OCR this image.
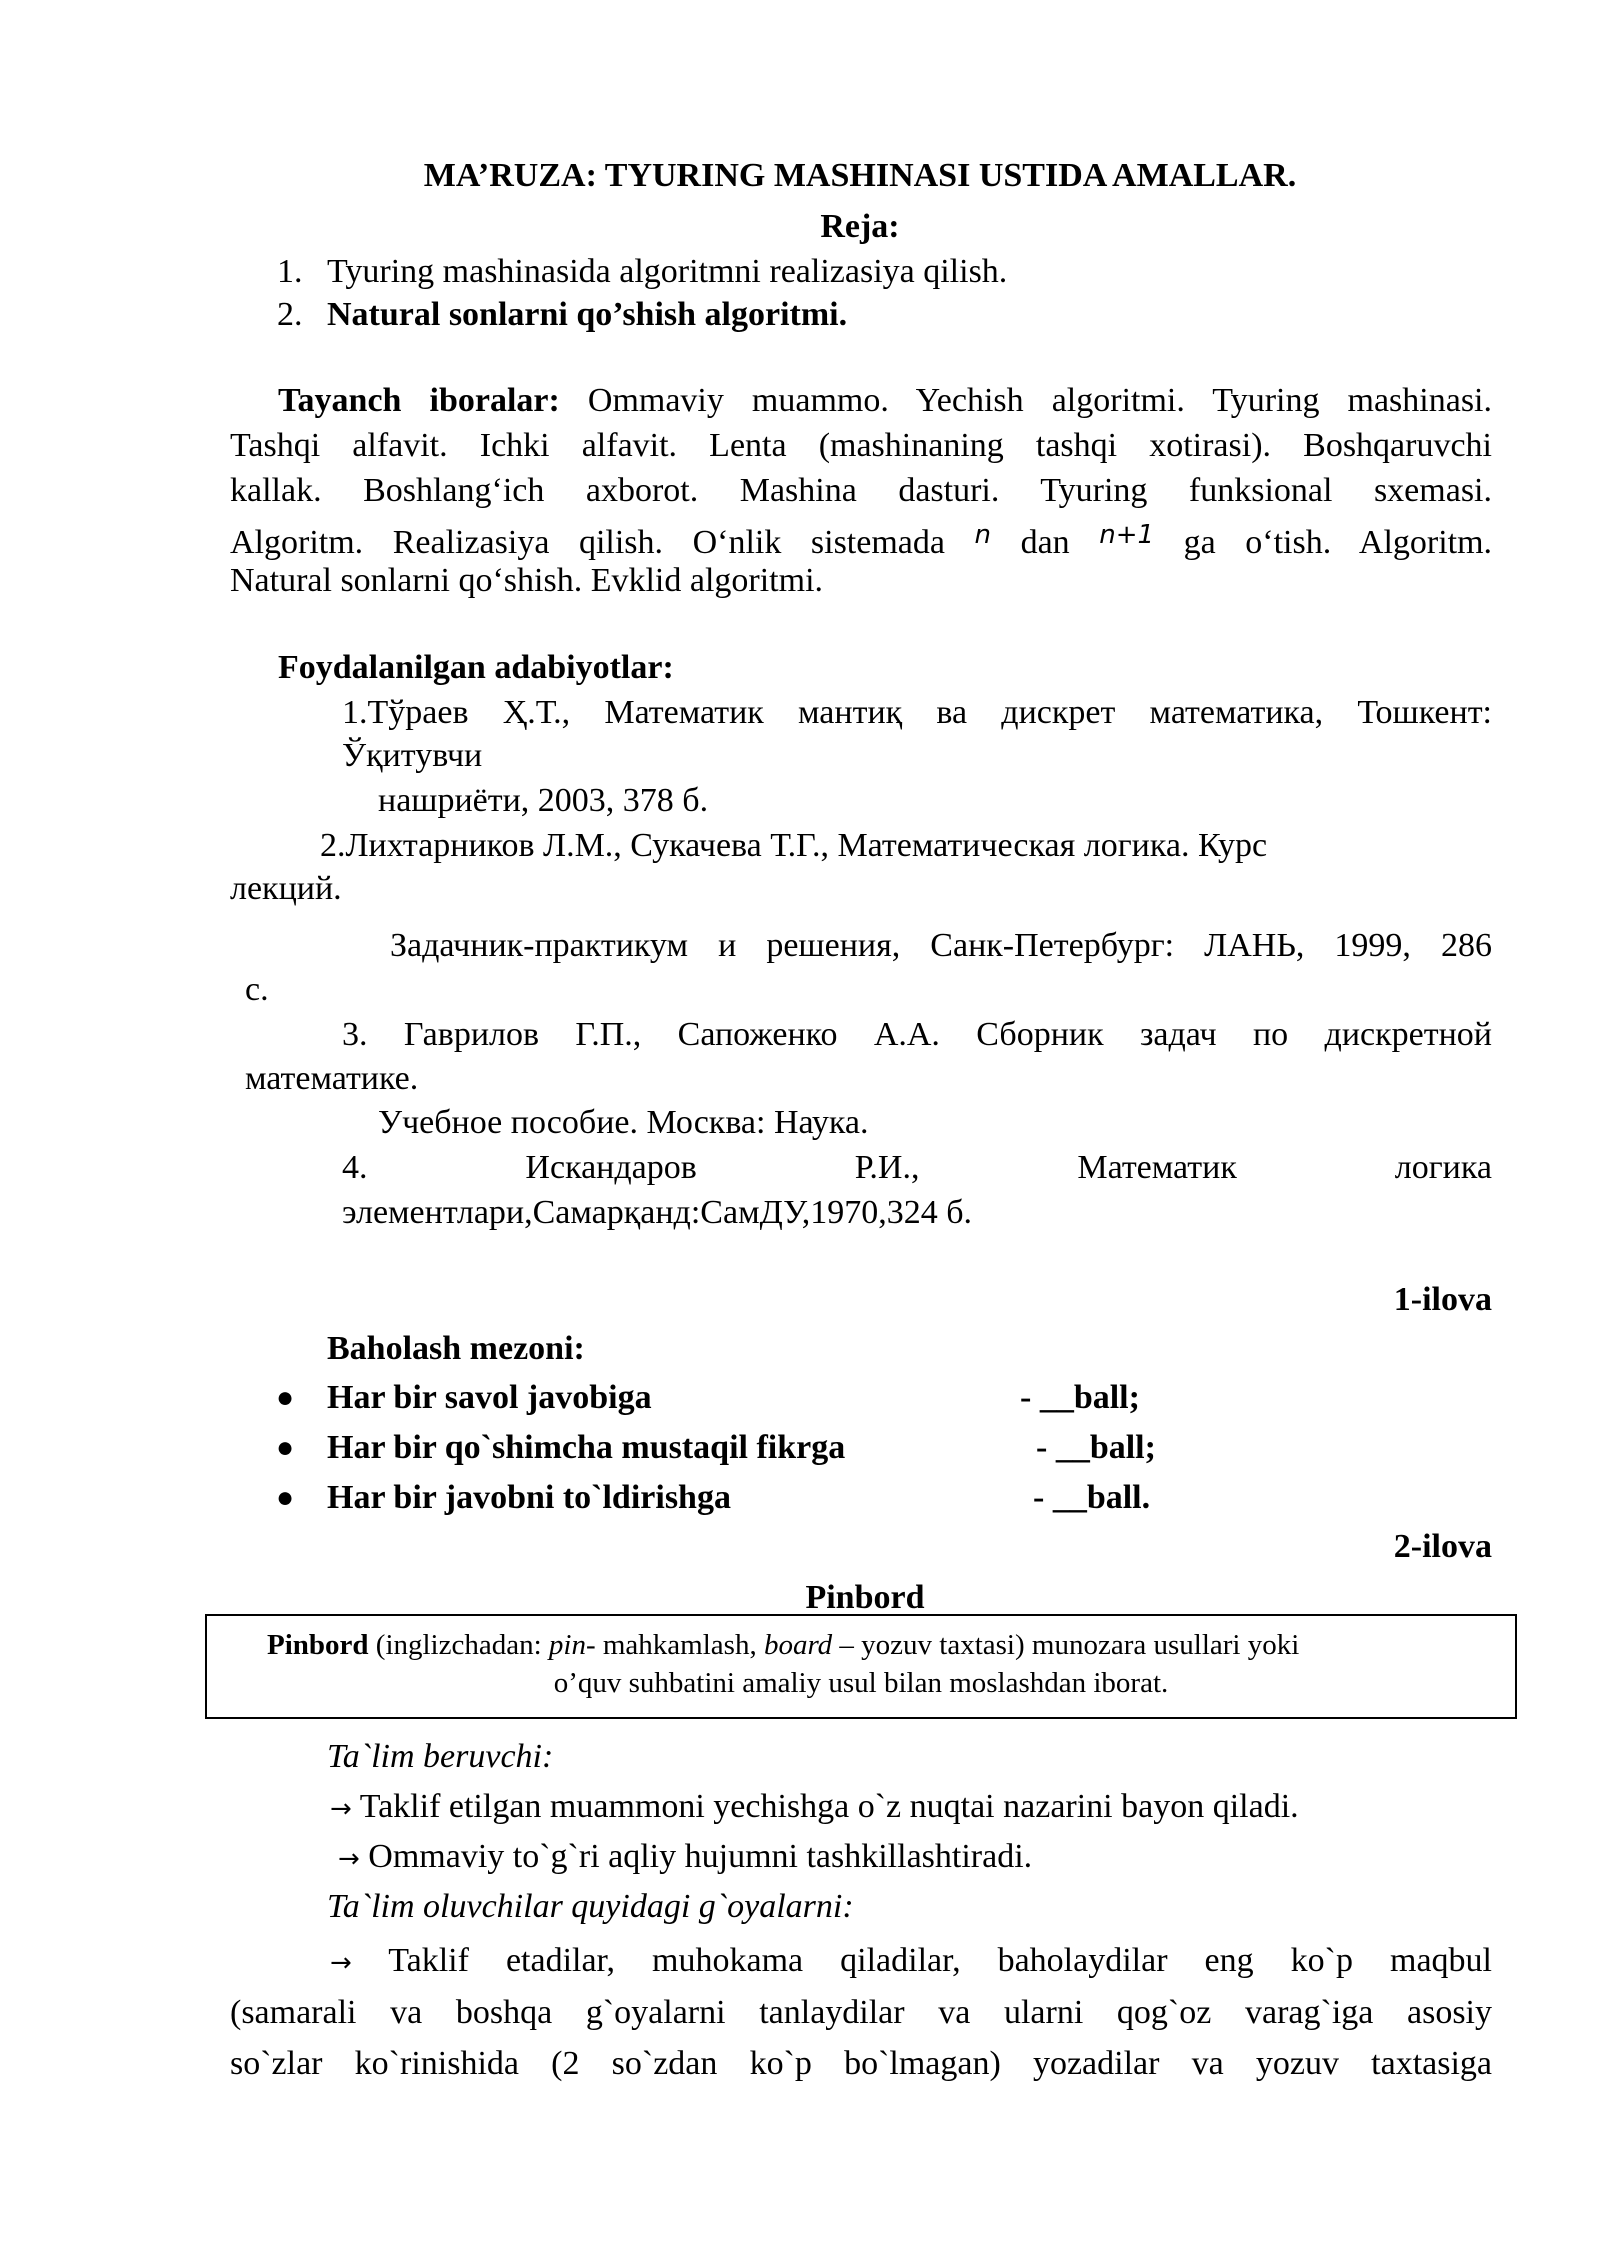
MA’RUZA: TYURING MASHINASI USTIDA AMALLAR.
Reja:
1. Tyuring mashinasida algoritmni realizasiya qilish.
2. Natural sonlarni qo’shish algoritmi.
Tayanch iboralar: Ommaviy muammo. Yechish algoritmi. Tyuring mashinasi.
Tashqi alfavit. Ichki alfavit. Lenta (mashinaning tashqi xotirasi). Boshqaruvchi
kallak. Boshlang‘ich axborot. Mashina dasturi. Tyuring funksional sxemasi.
Algoritm. Realizasiya qilish. O‘nlik sistemada $^n$ dan $^{n+1}$ ga o‘tish. Algoritm.
Natural sonlarni qo‘shish. Evklid algoritmi.
Foydalanilgan adabiyotlar:
1.Тўраев Ҳ.Т., Математик мантиқ ва дискрет математика, Тошкент:
Ўқитувчи
нашриёти, 2003, 378 б.
2.Лихтарников Л.М., Сукачева Т.Г., Математическая логика. Курс
лекций.
Задачник-практикум и решения, Санк-Петербург: ЛАНЬ, 1999, 286
с.
3. Гаврилов Г.П., Сапоженко А.А. Сборник задач по дискретной
математике.
Учебное пособие. Москва: Наука.
4.	Искандаров	Р.И.,	Математик	логика
элементлари,Самарқанд:СамДУ,1970,324 б.
1-ilova
Baholash mezoni:
● Har bir savol javobiga	- __ball;
● Har bir qo`shimcha mustaqil fikrga	- __ball;
● Har bir javobni to`ldirishga	- __ball.
2-ilova
Pinbord
Pinbord (inglizchadan: pin- mahkamlash, board – yozuv taxtasi) munozara usullari yoki
o’quv suhbatini amaliy usul bilan moslashdan iborat.
Ta`lim beruvchi:
→ Taklif etilgan muammoni yechishga o`z nuqtai nazarini bayon qiladi.
→ Ommaviy to`g`ri aqliy hujumni tashkillashtiradi.
Ta`lim oluvchilar quyidagi g`oyalarni:
→ Taklif etadilar, muhokama qiladilar, baholaydilar eng ko`p maqbul
(samarali va boshqa g`oyalarni tanlaydilar va ularni qog`oz varag`iga asosiy
so`zlar ko`rinishida (2 so`zdan ko`p bo`lmagan) yozadilar va yozuv taxtasiga
